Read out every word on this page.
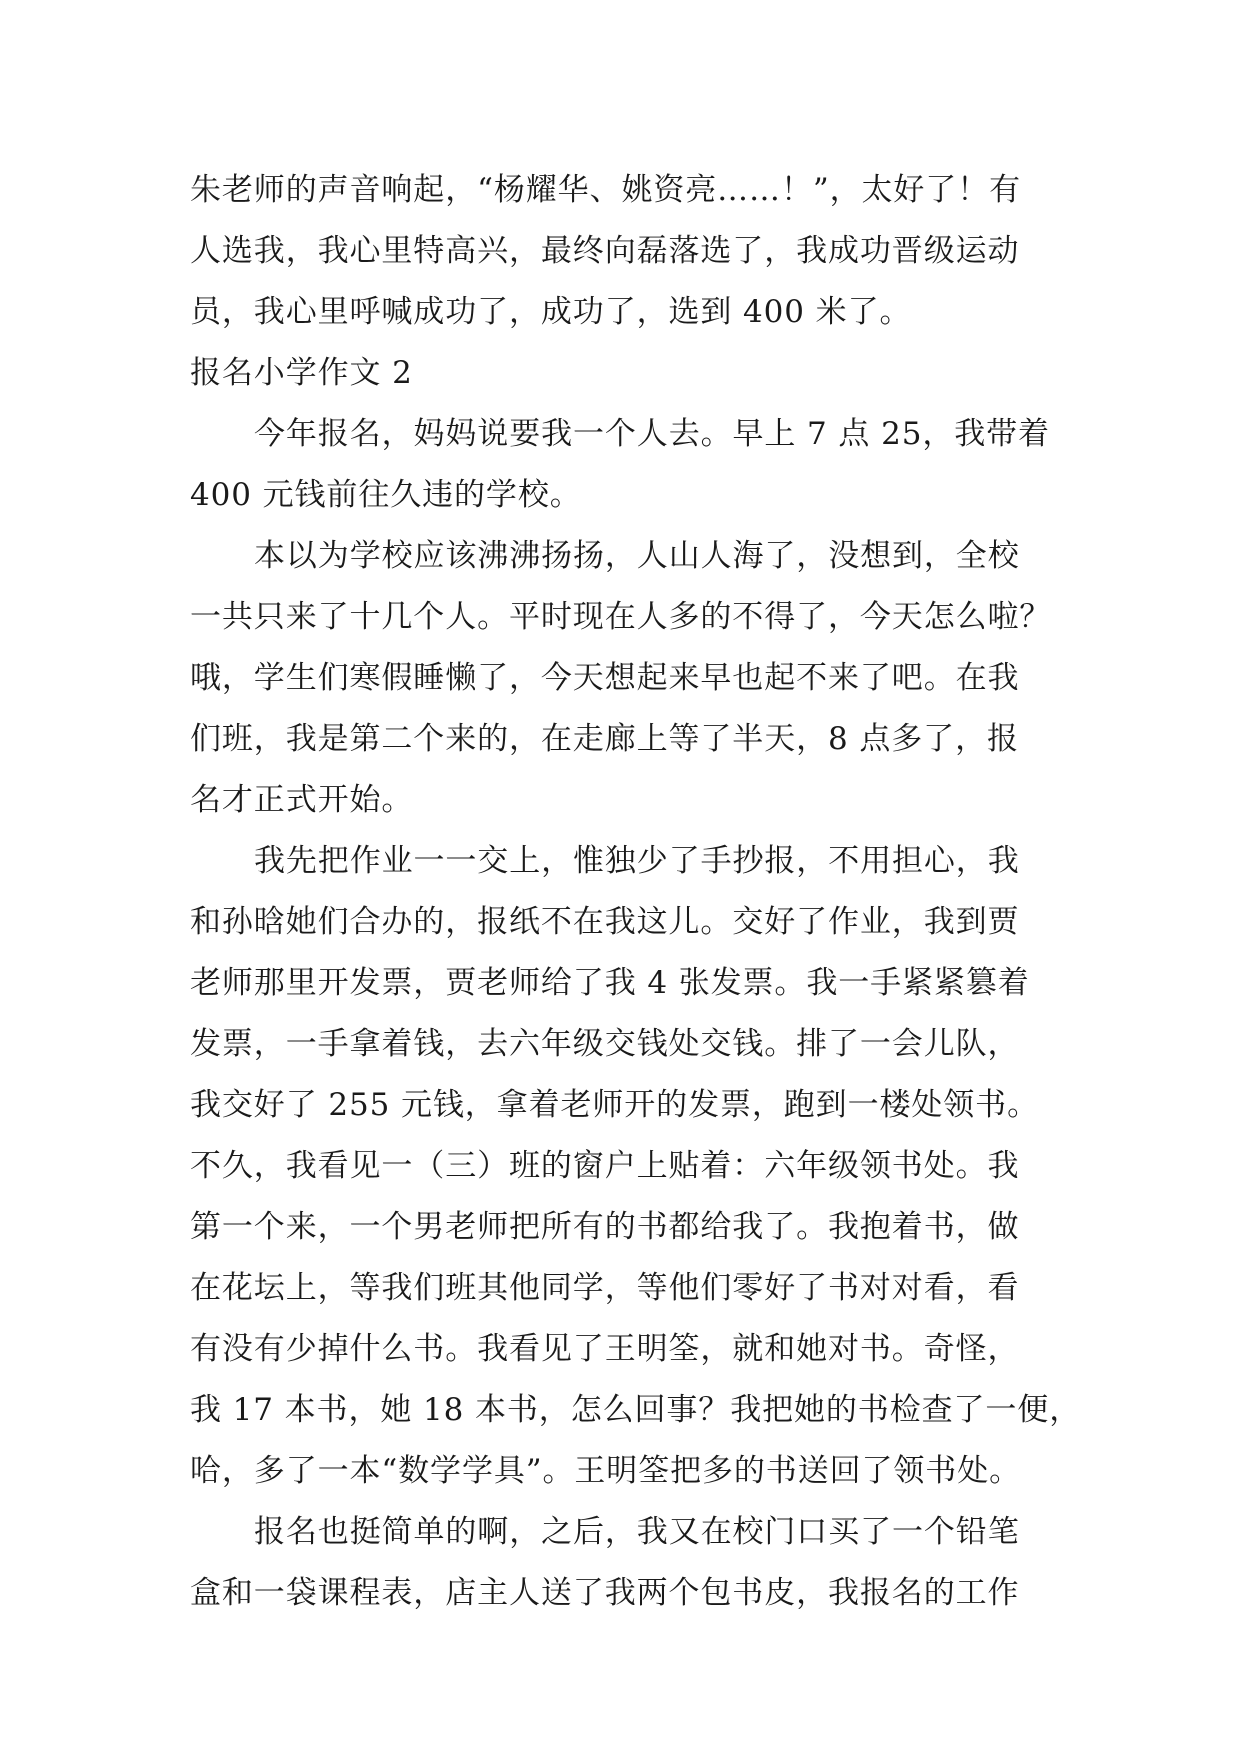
朱老师的声音响起，“杨耀华、姚资亮……！”，太好了！有
人选我，我心里特高兴，最终向磊落选了，我成功晋级运动
员，我心里呼喊成功了，成功了，选到 400 米了。
报名小学作文 2
今年报名，妈妈说要我一个人去。早上 7 点 25，我带着
400 元钱前往久违的学校。
本以为学校应该沸沸扬扬，人山人海了，没想到，全校
一共只来了十几个人。平时现在人多的不得了，今天怎么啦？
哦，学生们寒假睡懒了，今天想起来早也起不来了吧。在我
们班，我是第二个来的，在走廊上等了半天，8 点多了，报
名才正式开始。
我先把作业一一交上，惟独少了手抄报，不用担心，我
和孙晗她们合办的，报纸不在我这儿。交好了作业，我到贾
老师那里开发票，贾老师给了我 4 张发票。我一手紧紧篡着
发票，一手拿着钱，去六年级交钱处交钱。排了一会儿队，
我交好了 255 元钱，拿着老师开的发票，跑到一楼处领书。
不久，我看见一（三）班的窗户上贴着：六年级领书处。我
第一个来，一个男老师把所有的书都给我了。我抱着书，做
在花坛上，等我们班其他同学，等他们零好了书对对看，看
有没有少掉什么书。我看见了王明筌，就和她对书。奇怪，
我 17 本书，她 18 本书，怎么回事？我把她的书检查了一便，
哈，多了一本“数学学具”。王明筌把多的书送回了领书处。
报名也挺简单的啊，之后，我又在校门口买了一个铅笔
盒和一袋课程表，店主人送了我两个包书皮，我报名的工作
